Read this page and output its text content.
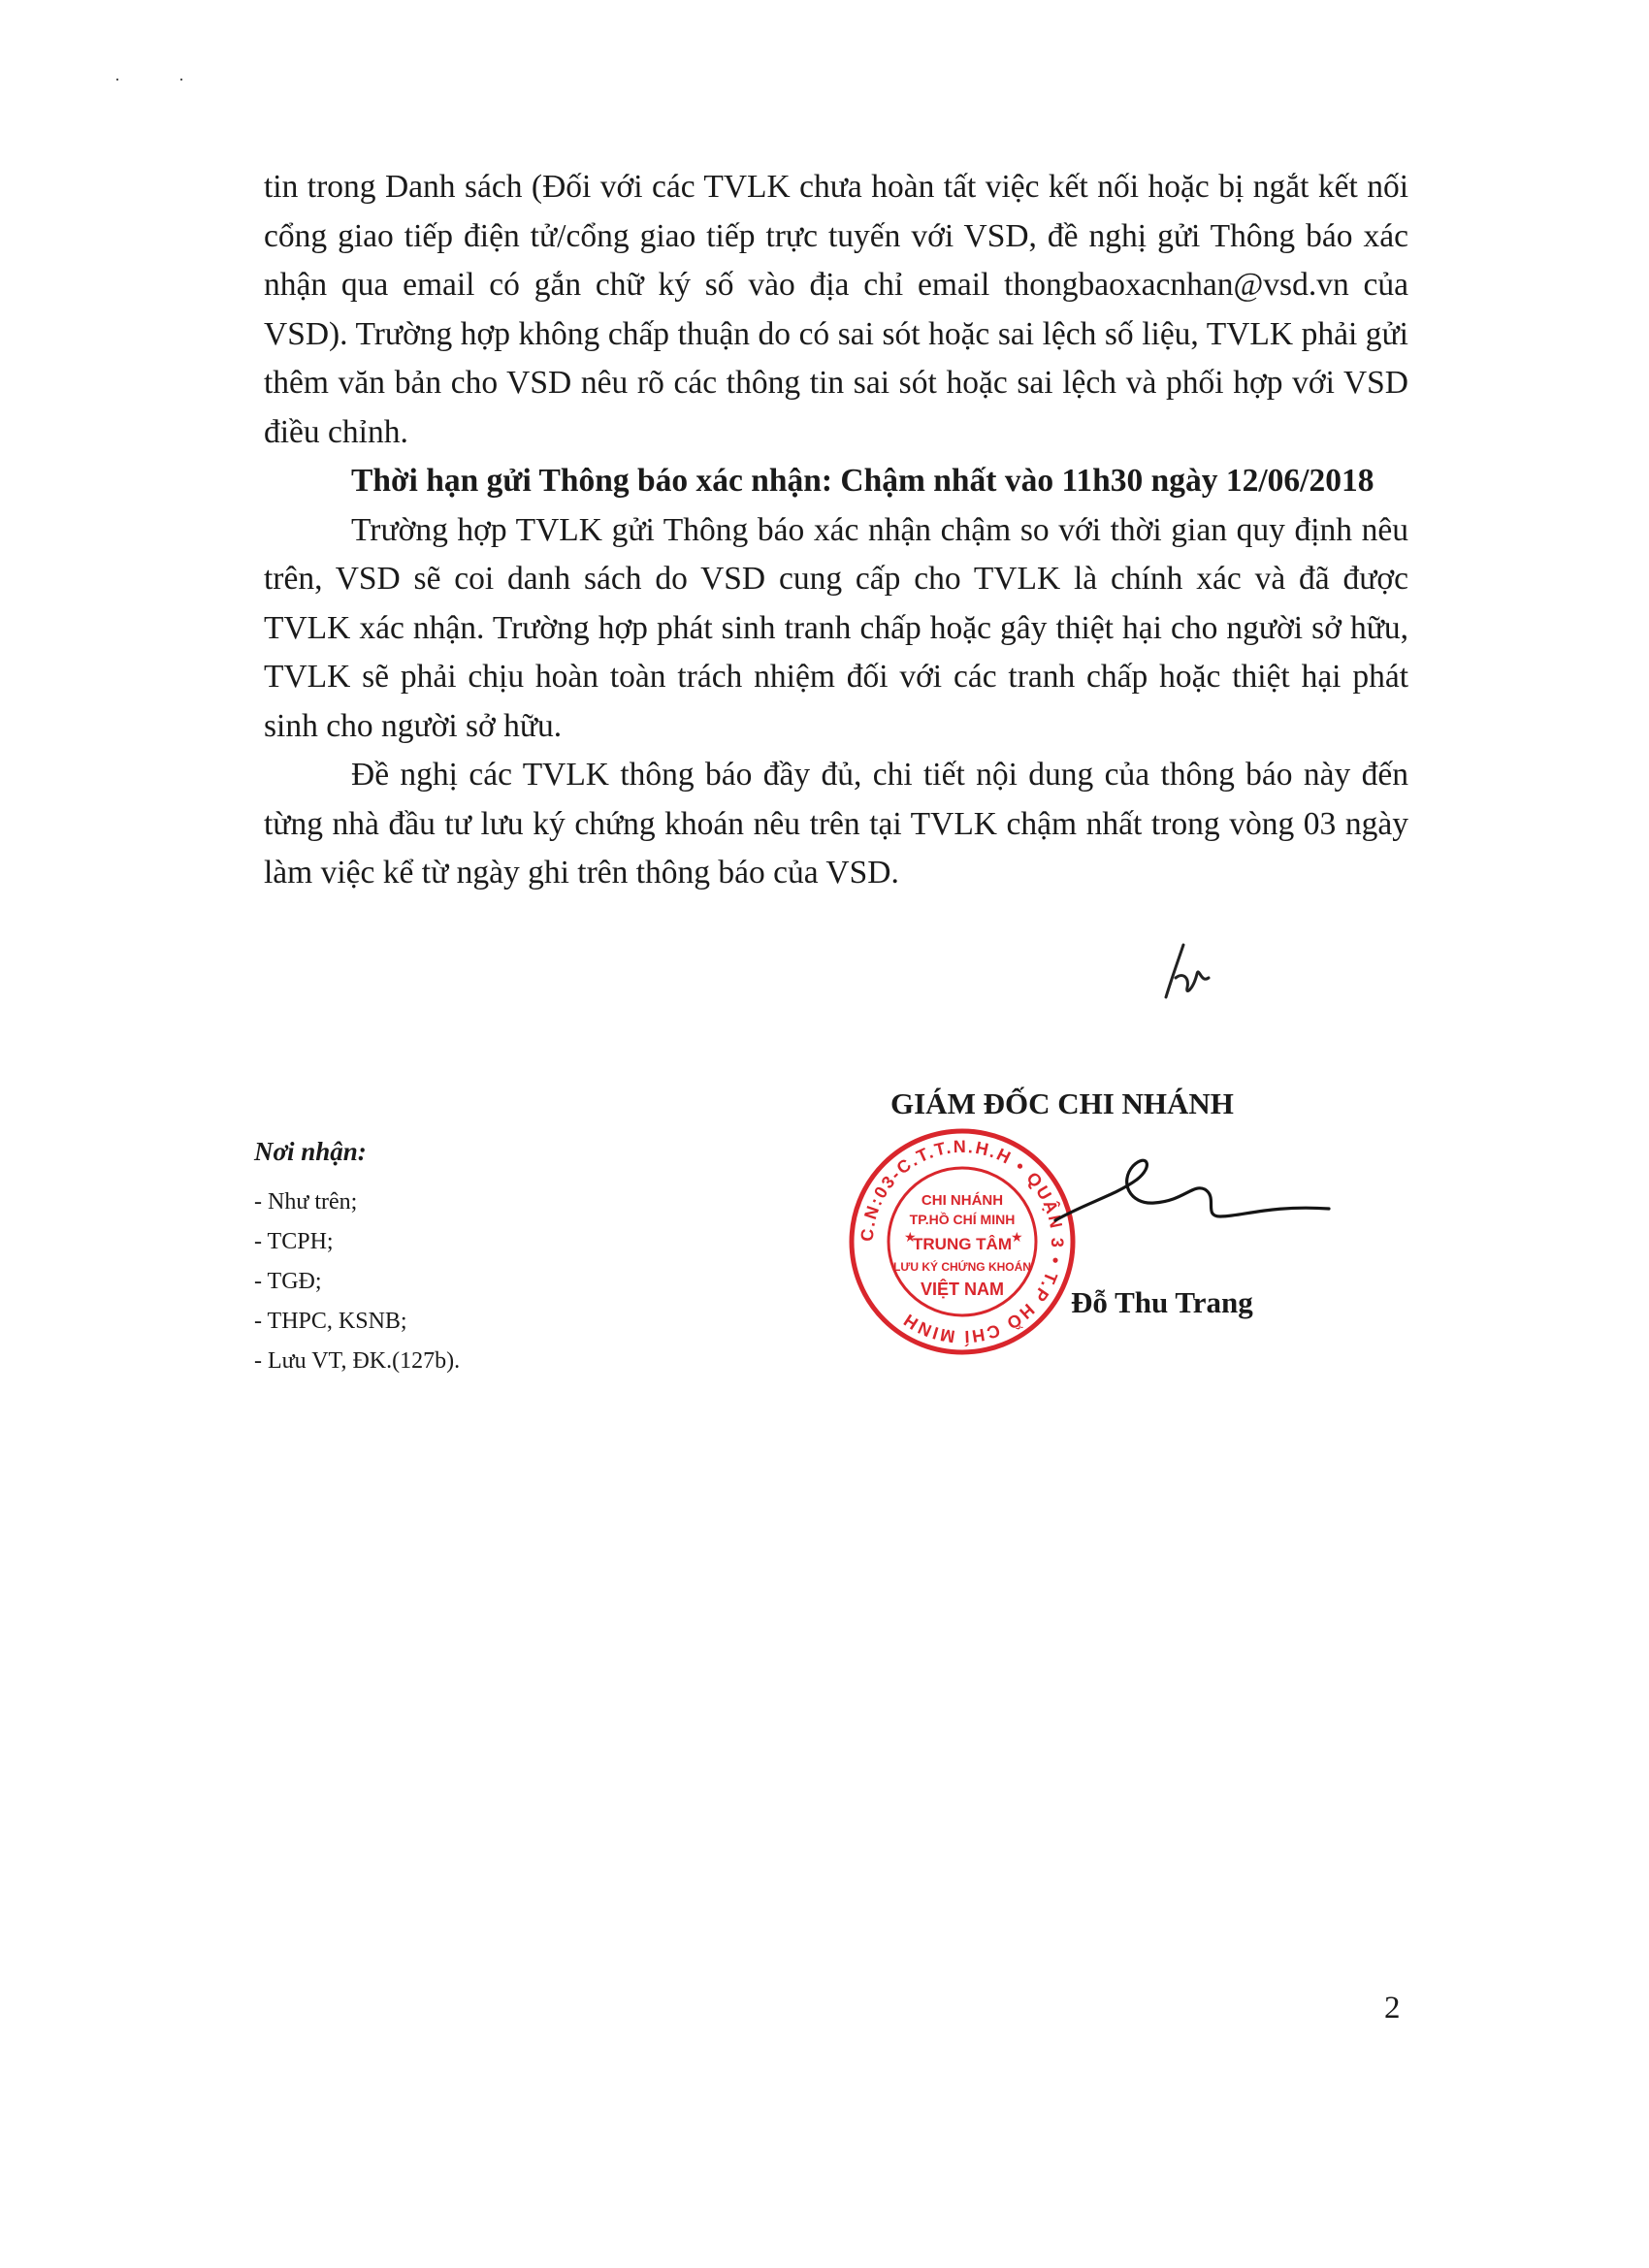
··

tin trong Danh sách (Đối với các TVLK chưa hoàn tất việc kết nối hoặc bị ngắt kết nối cổng giao tiếp điện tử/cổng giao tiếp trực tuyến với VSD, đề nghị gửi Thông báo xác nhận qua email có gắn chữ ký số vào địa chỉ email thongbaoxacnhan@vsd.vn của VSD). Trường hợp không chấp thuận do có sai sót hoặc sai lệch số liệu, TVLK phải gửi thêm văn bản cho VSD nêu rõ các thông tin sai sót hoặc sai lệch và phối hợp với VSD điều chỉnh.

Thời hạn gửi Thông báo xác nhận: Chậm nhất vào 11h30 ngày 12/06/2018

Trường hợp TVLK gửi Thông báo xác nhận chậm so với thời gian quy định nêu trên, VSD sẽ coi danh sách do VSD cung cấp cho TVLK là chính xác và đã được TVLK xác nhận. Trường hợp phát sinh tranh chấp hoặc gây thiệt hại cho người sở hữu, TVLK sẽ phải chịu hoàn toàn trách nhiệm đối với các tranh chấp hoặc thiệt hại phát sinh cho người sở hữu.

Đề nghị các TVLK thông báo đầy đủ, chi tiết nội dung của thông báo này đến từng nhà đầu tư lưu ký chứng khoán nêu trên tại TVLK chậm nhất trong vòng 03 ngày làm việc kể từ ngày ghi trên thông báo của VSD.

Nơi nhận:
- Như trên;
- TCPH;
- TGĐ;
- THPC, KSNB;
- Lưu VT, ĐK.(127b).
C.N:03-C.T.T.N.H.H • QUẬN 3 • T.P HỒ CHÍ MINH
CHI NHÁNH
TP.HỒ CHÍ MINH
TRUNG TÂM
LƯU KÝ CHỨNG KHOÁN
VIỆT NAM
★	★
GIÁM ĐỐC CHI NHÁNH
Đỗ Thu Trang
2
